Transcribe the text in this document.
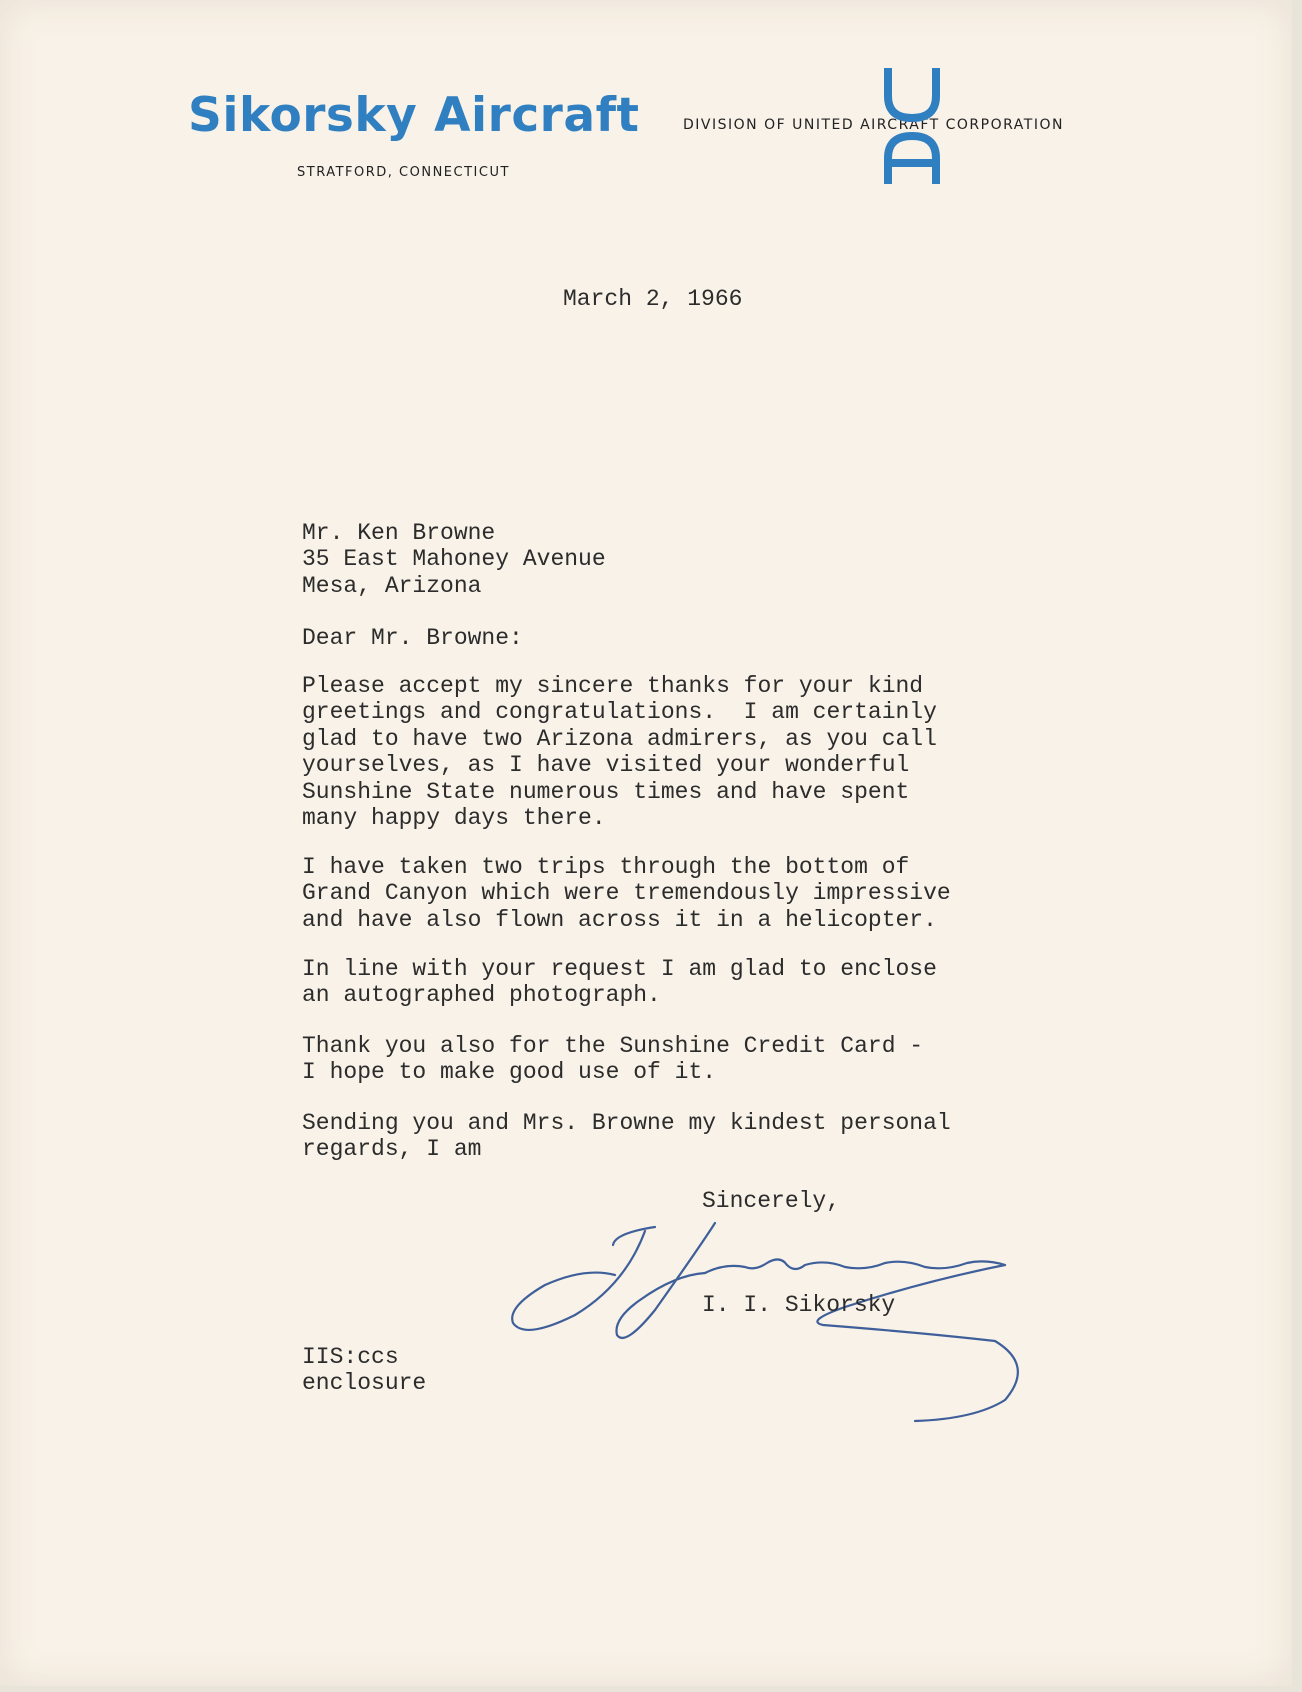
Sikorsky Aircraft	DIVISION OF UNITED AIRCRAFT CORPORATION
STRATFORD, CONNECTICUT
March 2, 1966
Mr. Ken Browne
35 East Mahoney Avenue
Mesa, Arizona
Dear Mr. Browne:
Please accept my sincere thanks for your kind
greetings and congratulations.  I am certainly
glad to have two Arizona admirers, as you call
yourselves, as I have visited your wonderful
Sunshine State numerous times and have spent
many happy days there.
I have taken two trips through the bottom of
Grand Canyon which were tremendously impressive
and have also flown across it in a helicopter.
In line with your request I am glad to enclose
an autographed photograph.
Thank you also for the Sunshine Credit Card -
I hope to make good use of it.
Sending you and Mrs. Browne my kindest personal
regards, I am
Sincerely,
I. I. Sikorsky
IIS:ccs
enclosure
